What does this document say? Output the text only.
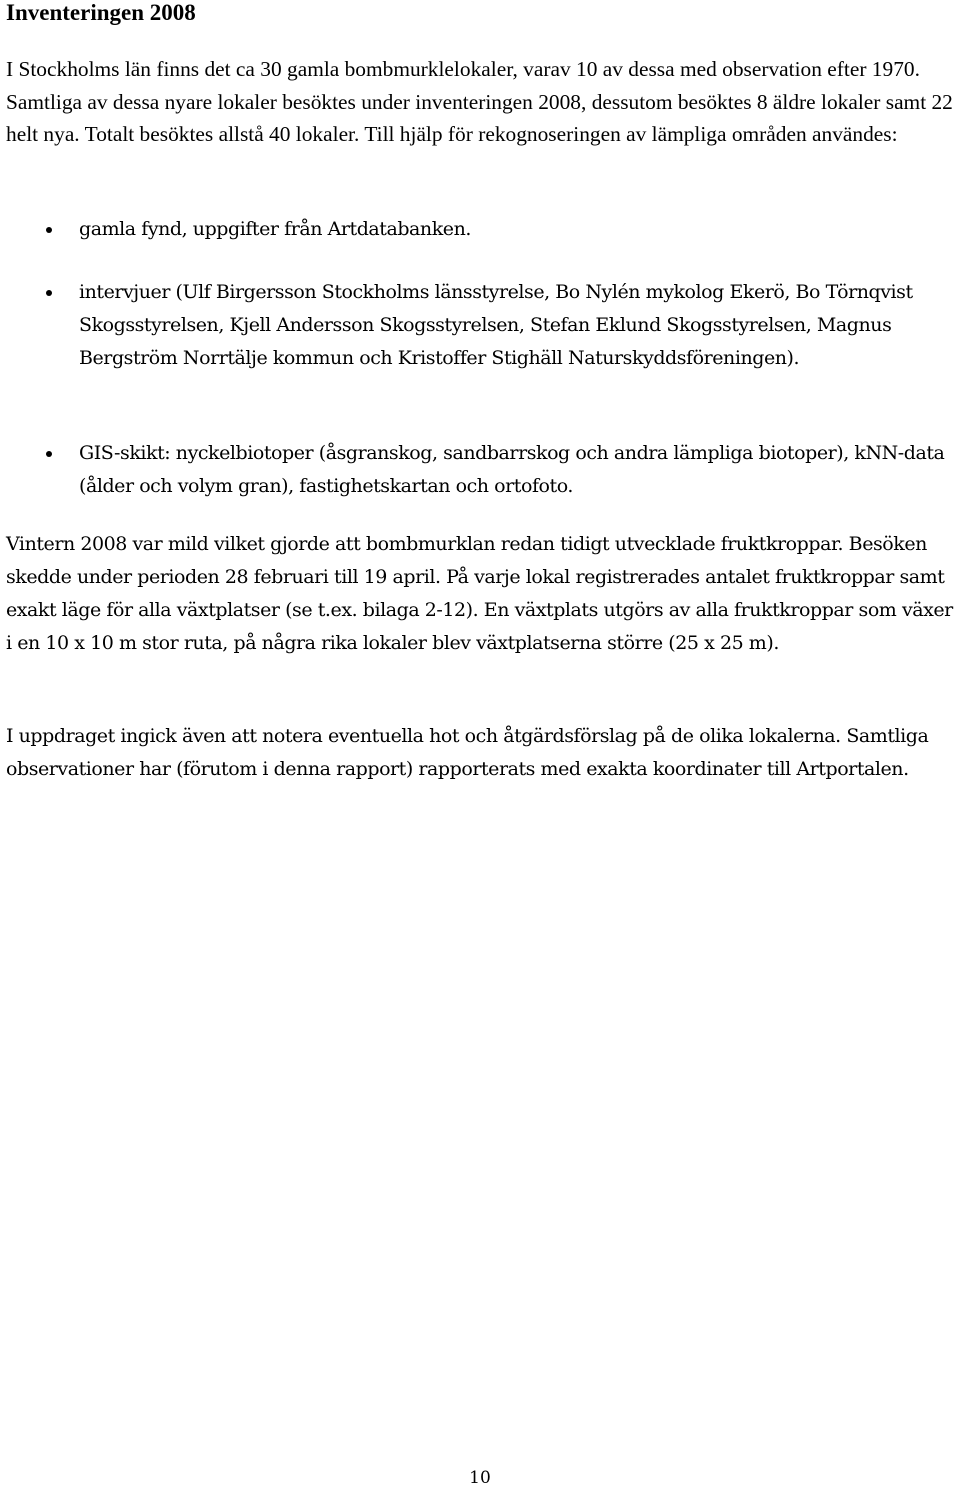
Inventeringen 2008

I Stockholms län finns det ca 30 gamla bombmurklelokaler, varav 10 av dessa med observation efter 1970. Samtliga av dessa nyare lokaler besöktes under inventeringen 2008, dessutom besöktes 8 äldre lokaler samt 22 helt nya. Totalt besöktes allstå 40 lokaler. Till hjälp för rekognoseringen av lämpliga områden användes:

gamla fynd, uppgifter från Artdatabanken.

intervjuer (Ulf Birgersson Stockholms länsstyrelse, Bo Nylén mykolog Ekerö, Bo Törnqvist Skogsstyrelsen, Kjell Andersson Skogsstyrelsen, Stefan Eklund Skogsstyrelsen, Magnus Bergström Norrtälje kommun och Kristoffer Stighäll Naturskyddsföreningen).

GIS-skikt: nyckelbiotoper (åsgranskog, sandbarrskog och andra lämpliga biotoper), kNN-data (ålder och volym gran), fastighetskartan och ortofoto.

Vintern 2008 var mild vilket gjorde att bombmurklan redan tidigt utvecklade fruktkroppar. Besöken skedde under perioden 28 februari till 19 april. På varje lokal registrerades antalet fruktkroppar samt exakt läge för alla växtplatser (se t.ex. bilaga 2-12). En växtplats utgörs av alla fruktkroppar som växer i en 10 x 10 m stor ruta, på några rika lokaler blev växtplatserna större (25 x 25 m).

I uppdraget ingick även att notera eventuella hot och åtgärdsförslag på de olika lokalerna. Samtliga observationer har (förutom i denna rapport) rapporterats med exakta koordinater till Artportalen.

10
